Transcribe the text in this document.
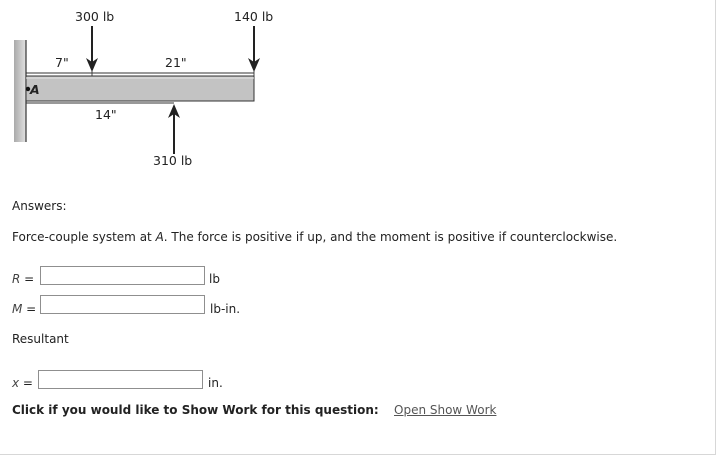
A
300 lb	140 lb
310 lb
7"	21"
14"
Answers:
Force-couple system at A. The force is positive if up, and the moment is positive if counterclockwise.
R =	lb
M =	lb-in.
Resultant
x =	in.
Click if you would like to Show Work for this question: Open Show Work
